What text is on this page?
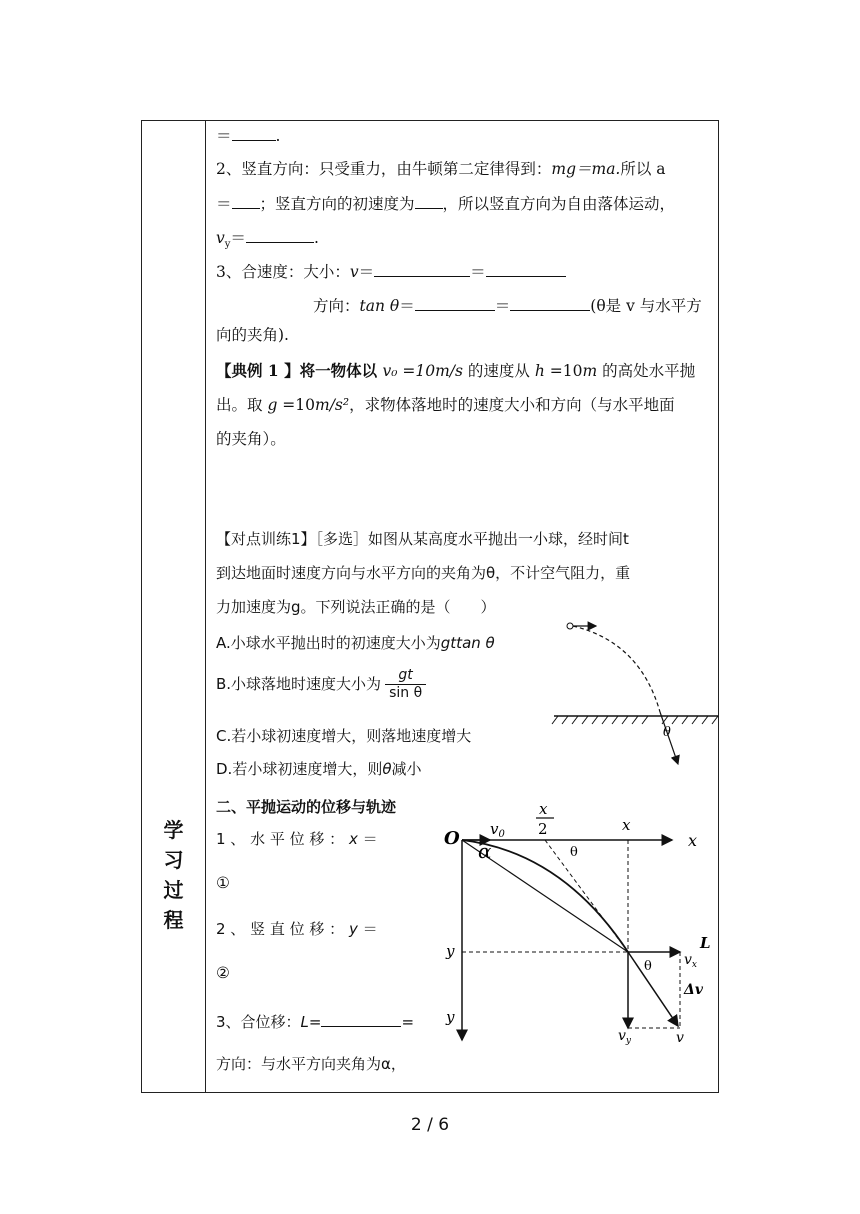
学
习
过
程
＝	.
2、竖直方向：只受重力，由牛顿第二定律得到：mg＝ma.所以 a
＝ ；竖直方向的初速度为 ，所以竖直方向为自由落体运动，
$v_y=$	.
3、合速度：大小：v＝	＝
方向：tan θ＝	＝	(θ是 v 与水平方
向的夹角).
【典例 1 】将一物体以 v₀ =10m/s 的速度从 h =10m 的高处水平抛
出。取 g =10m/s²，求物体落地时的速度大小和方向（与水平地面
的夹角）。
【对点训练1】［多选］如图从某高度水平抛出一小球，经时间t
到达地面时速度方向与水平方向的夹角为θ，不计空气阻力，重
力加速度为g。下列说法正确的是（　　）
A.小球水平抛出时的初速度大小为gttan θ
B.小球落地时速度大小为 $\frac{gt}{\text{sin θ}}$
C.若小球初速度增大，则落地速度增大
D.若小球初速度增大，则θ减小
θ
二、平抛运动的位移与轨迹
1 、 水 平 位 移 ： x ＝
①
2 、 竖 直 位 移 ： y ＝
②
3、合位移：L=	=
方向：与水平方向夹角为α，
O $v_0$
x
2	x
x
α	θ
y
y
L
$v_x$
θ
Δv
$v_y$	v
2 / 6
